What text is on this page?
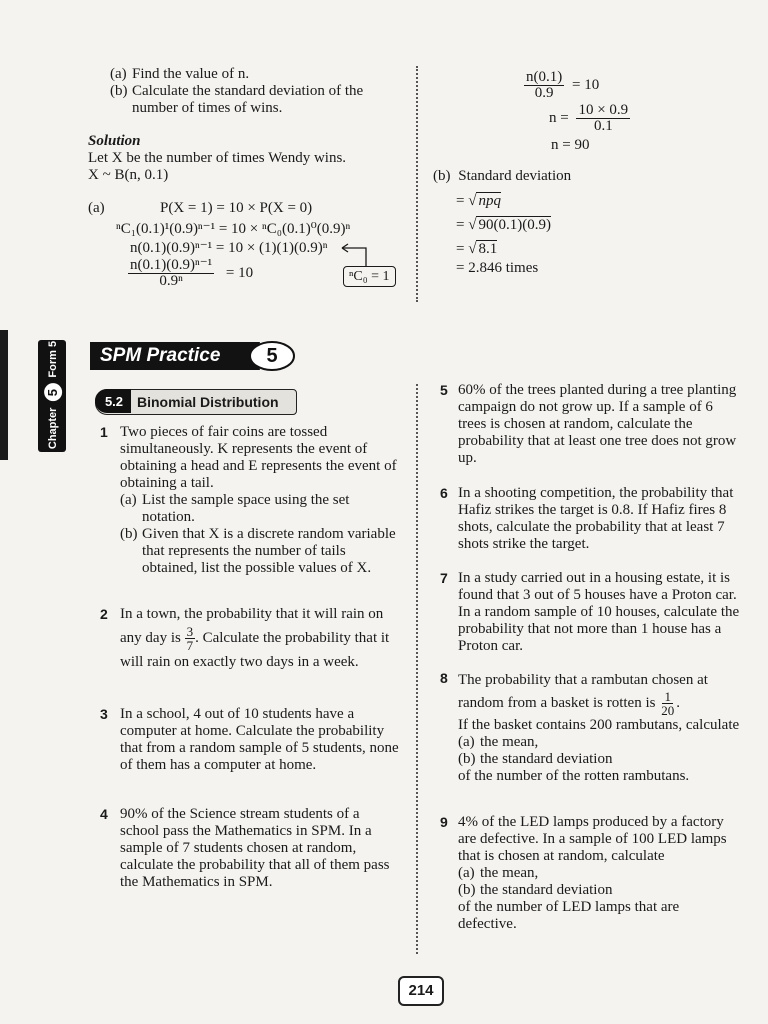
(a) Find the value of n.
(b) Calculate the standard deviation of the number of times of wins.
Solution
Let X be the number of times Wendy wins.
X ~ B(n, 0.1)
(a)	P(X = 1) = 10 × P(X = 0)
ⁿC₁(0.1)¹(0.9)ⁿ⁻¹ = 10 × ⁿC₀(0.1)⁰(0.9)ⁿ
n(0.1)(0.9)ⁿ⁻¹ = 10 × (1)(1)(0.9)ⁿ
$\frac{\text{n(0.1)(0.9)ⁿ⁻¹}}{\text{0.9ⁿ}} = 10$	ⁿC₀ = 1
$\frac{n(0.1)}{0.9} = 10$
$n = \frac{10 \times 0.9}{0.1}$
n = 90
(b) Standard deviation
= √ npq
= √ 90(0.1)(0.9)
= √ 8.1
= 2.846 times
Chapter
5
Form 5 SPM Practice	5
5.2 Binomial Distribution
1 Two pieces of fair coins are tossed simultaneously. K represents the event of obtaining a head and E represents the event of obtaining a tail.
(a) List the sample space using the set notation.
(b) Given that X is a discrete random variable that represents the number of tails obtained, list the possible values of X.
2 In a town, the probability that it will rain on any day is $\frac{3}{7}$ . Calculate the probability that it will rain on exactly two days in a week.
3 In a school, 4 out of 10 students have a computer at home. Calculate the probability that from a random sample of 5 students, none of them has a computer at home.
4 90% of the Science stream students of a school pass the Mathematics in SPM. In a sample of 7 students chosen at random, calculate the probability that all of them pass the Mathematics in SPM.
5 60% of the trees planted during a tree planting campaign do not grow up. If a sample of 6 trees is chosen at random, calculate the probability that at least one tree does not grow up.
6 In a shooting competition, the probability that Hafiz strikes the target is 0.8. If Hafiz fires 8 shots, calculate the probability that at least 7 shots strike the target.
7 In a study carried out in a housing estate, it is found that 3 out of 5 houses have a Proton car. In a random sample of 10 houses, calculate the probability that not more than 1 house has a Proton car.
8 The probability that a rambutan chosen at random from a basket is rotten is $\frac{1}{20}$ .
If the basket contains 200 rambutans, calculate
(a) the mean,
(b) the standard deviation
of the number of the rotten rambutans.
9 4% of the LED lamps produced by a factory are defective. In a sample of 100 LED lamps that is chosen at random, calculate
(a) the mean,
(b) the standard deviation
of the number of LED lamps that are defective.
214
